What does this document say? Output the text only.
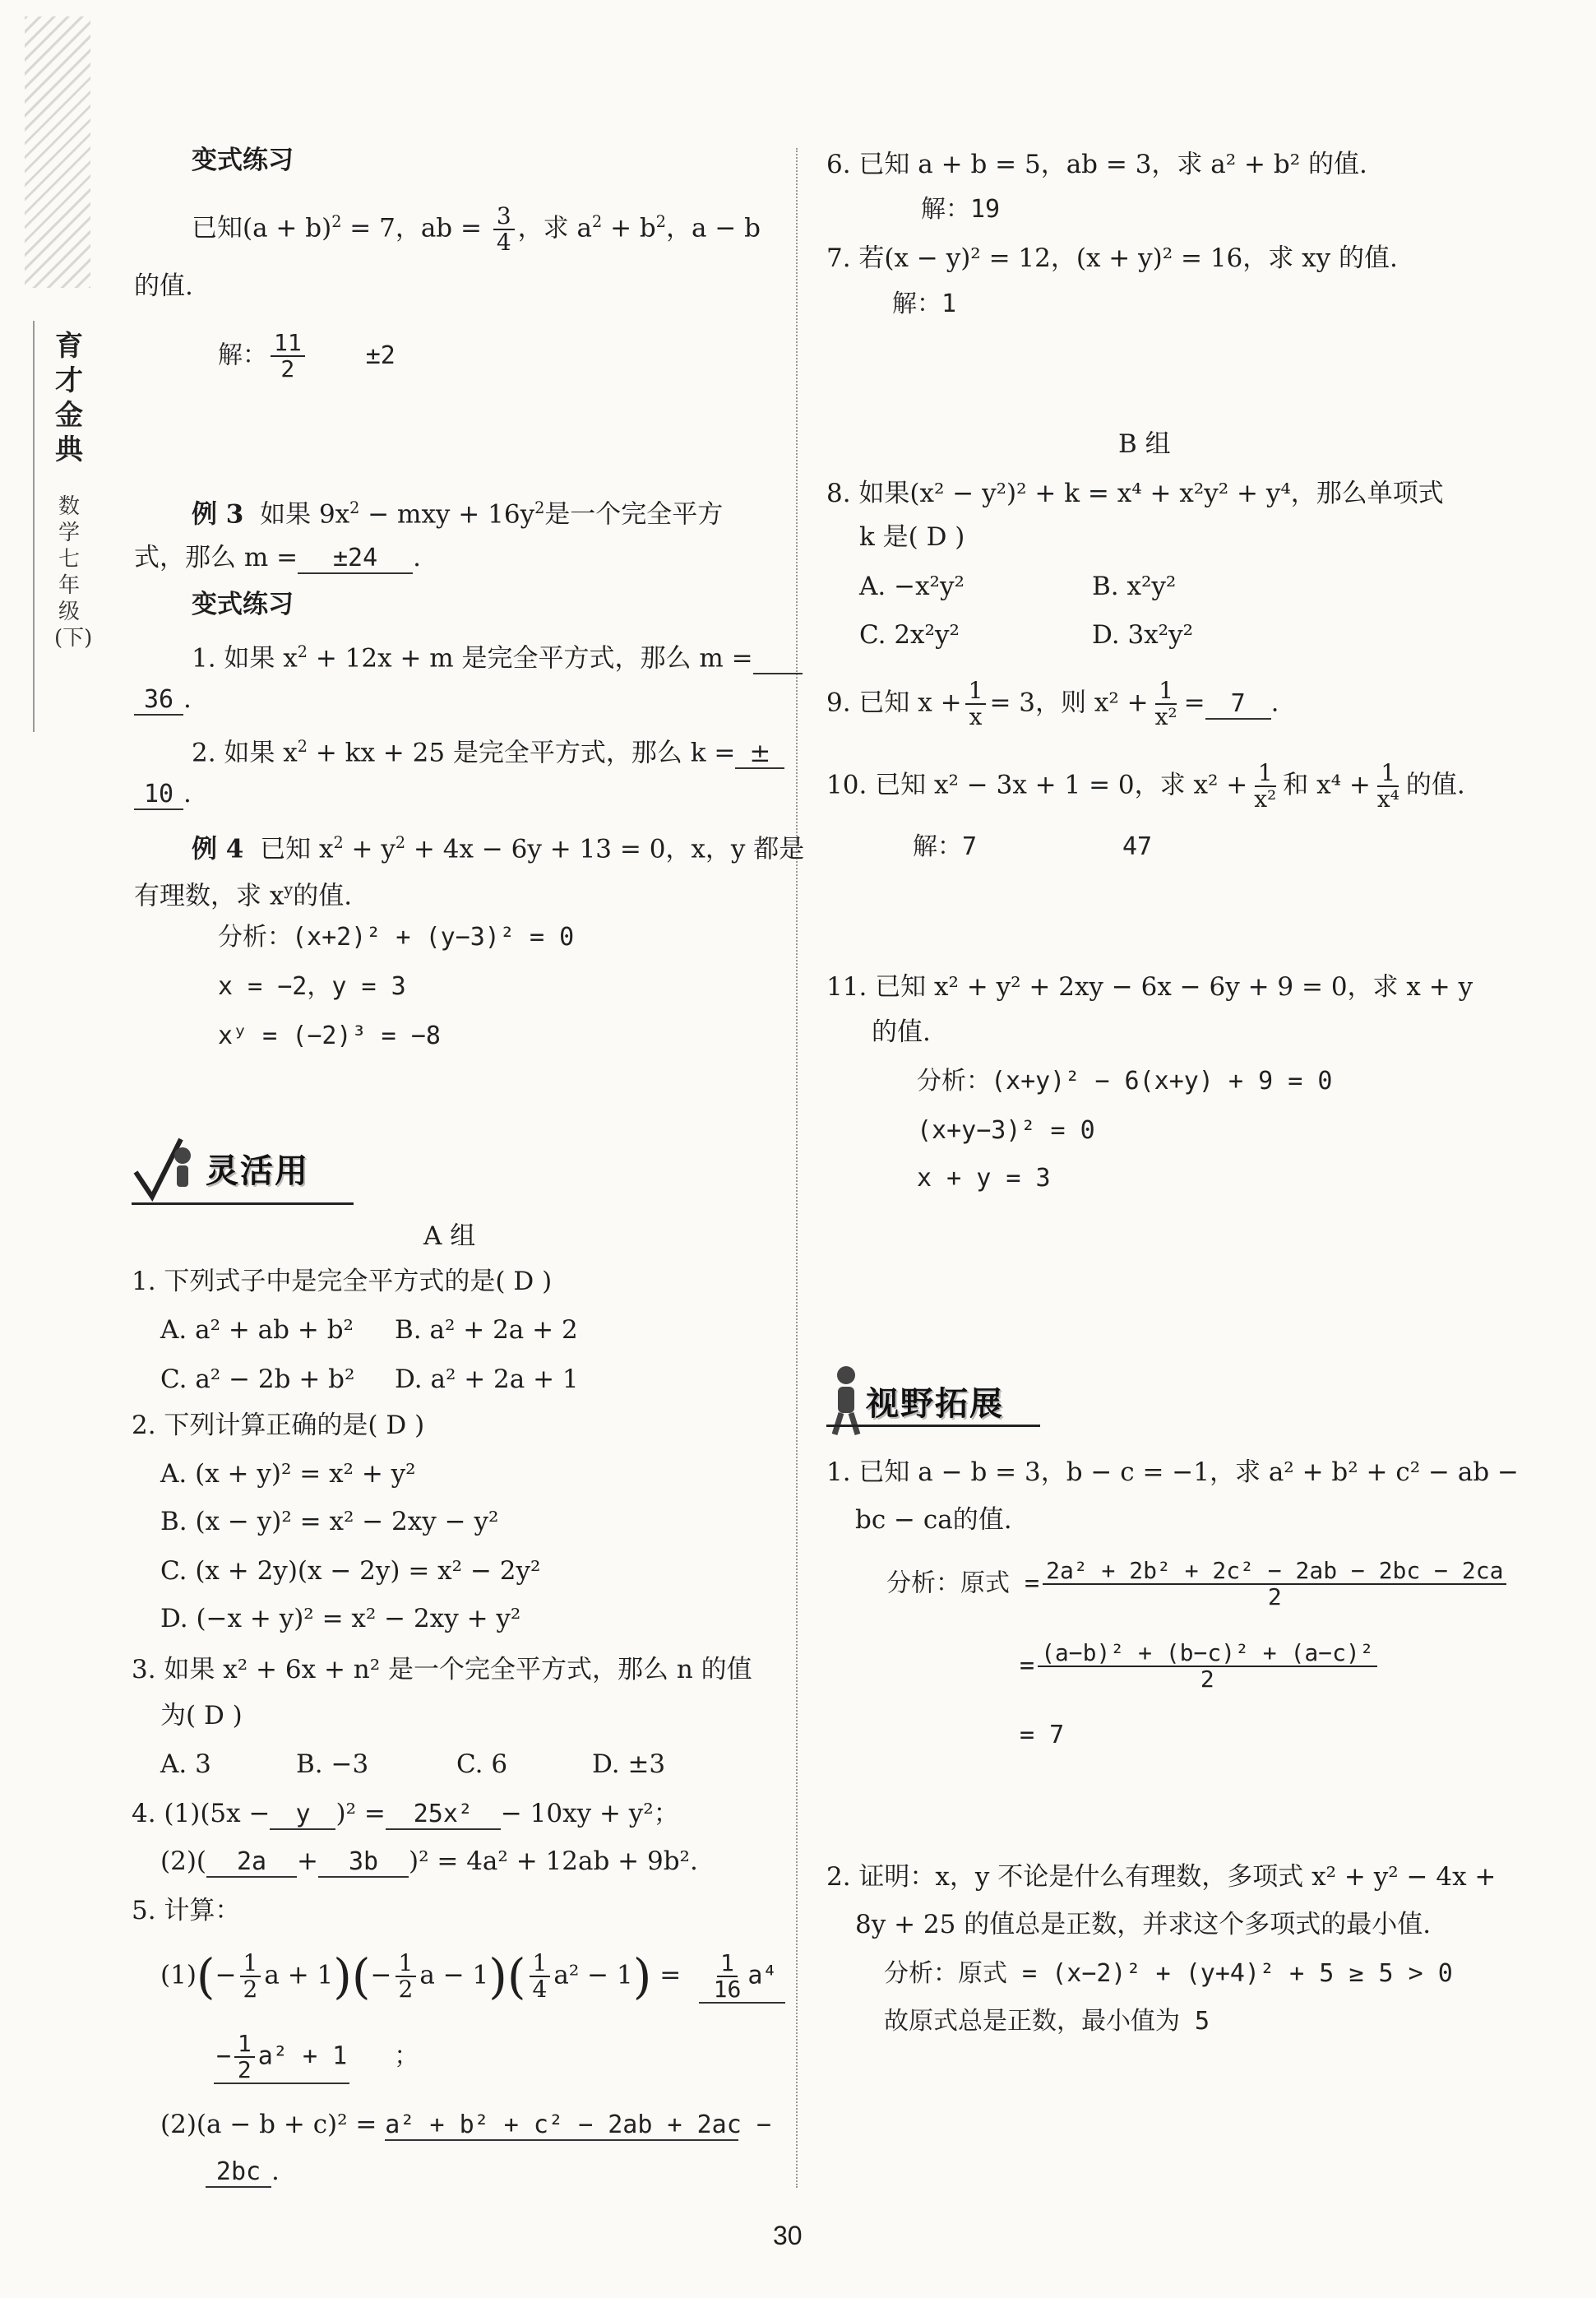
育才金典
数学 七年级(下)
变式练习
已知$(a + b)^2 = 7$，ab = $\frac{3}{4}$ ，求 $a^2 + b^2$，a − b
的值.
解： $\frac{11}{2} \pm 2$
例 3 如果 $9x^2$ − mxy + $16y^2$是一个完全平方
式，那么 m = ±24 .
变式练习
1. 如果 $x^2 + 12x + m$ 是完全平方式，那么 m =
36 .
2. 如果 $x^2$ + kx + 25 是完全平方式，那么 k = ±
10 .
例 4 已知 $x^2 + y^2 + 4x - 6y + 13 = 0$，x，y 都是
有理数，求 $x^y$的值.
分析：(x+2)² + (y−3)² = 0
x = −2，y = 3
xʸ = (−2)³ = −8
灵活用
A 组
1. 下列式子中是完全平方式的是( D )
A. a² + ab + b² B. a² + 2a + 2
C. a² − 2b + b² D. a² + 2a + 1
2. 下列计算正确的是( D )
A. (x + y)² = x² + y²
B. (x − y)² = x² − 2xy − y²
C. (x + 2y)(x − 2y) = x² − 2y²
D. (−x + y)² = x² − 2xy + y²
3. 如果 x² + 6x + n² 是一个完全平方式，那么 n 的值
为( D )
A. 3	B. −3	C. 6	D. ±3
4. (1)(5x − y )² = 25x² − 10xy + y²；
(2)( 2a + 3b )² = 4a² + 12ab + 9b².
5. 计算：
$(1)(- \frac{1}{2}$ $a + 1)(- \frac{1}{2}$ $a - 1)( \frac{1}{4} a^2 - 1) = \frac{1}{16} a^4$
− $\frac{1}{2} a^2 + 1$ ；
(2)(a − b + c)² = a² + b² + c² − 2ab + 2ac −
2bc .
6. 已知 a + b = 5，ab = 3，求 a² + b² 的值.
解：19
7. 若(x − y)² = 12，(x + y)² = 16，求 xy 的值.
解：1
B 组
8. 如果(x² − y²)² + k = x⁴ + x²y² + y⁴，那么单项式
k 是( D )
A. −x²y²	B. x²y²
C. 2x²y²	D. 3x²y²
9. 已知 $x + \frac{1}{x} = 3$，则 $x^2 + \frac{1}{\text{x²}} = 7$ .
10. 已知 x² − 3x + 1 = 0，求 $x^2 + \frac{1}{\text{x²}}$ 和 $x^4 + \frac{1}{\text{x⁴}}$ 的值.
解：7	47
11. 已知 x² + y² + 2xy − 6x − 6y + 9 = 0，求 x + y
的值.
分析：(x+y)² − 6(x+y) + 9 = 0
(x+y−3)² = 0
x + y = 3
视野拓展
1. 已知 a − b = 3，b − c = −1，求 a² + b² + c² − ab −
bc − ca的值.
分析：原式 = $\frac{\text{2a² + 2b² + 2c² − 2ab − 2bc − 2ca}}{2}$
= $\frac{\text{(a−b)² + (b−c)² + (a−c)²}}{2}$
= 7
2. 证明：x，y 不论是什么有理数，多项式 x² + y² − 4x +
8y + 25 的值总是正数，并求这个多项式的最小值.
分析：原式 = (x−2)² + (y+4)² + 5 ≥ 5 > 0
故原式总是正数，最小值为 5
30
